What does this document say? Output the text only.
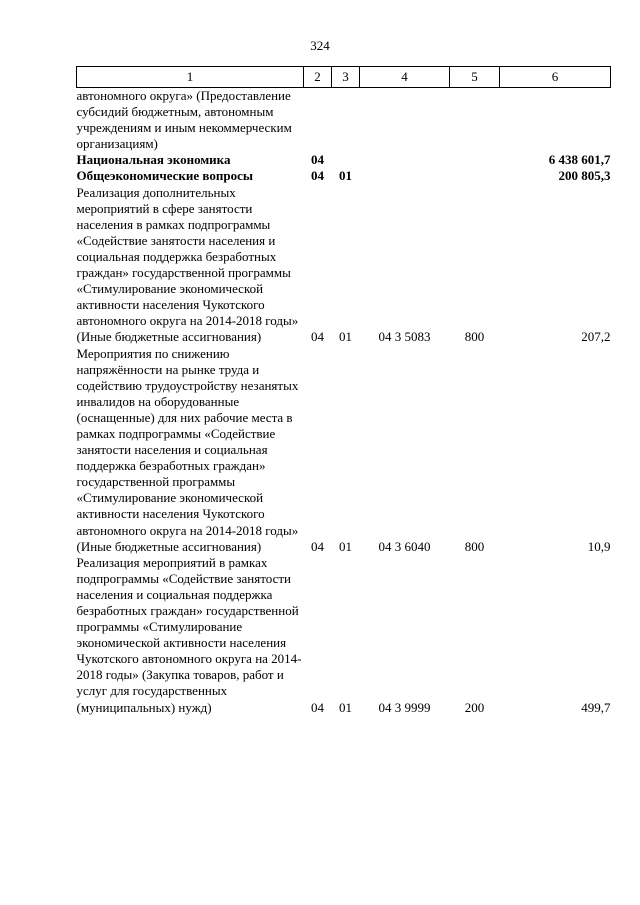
324
1	2	3	4	5	6
автономного округа» (Предоставление субсидий бюджетным, автономным учреждениям и иным некоммерческим организациям)					
Национальная экономика	04				6 438 601,7
Общеэкономические вопросы	04	01			200 805,3
Реализация дополнительных мероприятий в сфере занятости населения в рамках подпрограммы «Содействие занятости населения и социальная поддержка безработных граждан» государственной программы «Стимулирование экономической активности населения Чукотского автономного округа на 2014-2018 годы» (Иные бюджетные ассигнования)	04	01	04 3 5083	800	207,2
Мероприятия по снижению напряжённости на рынке труда и содействию трудоустройству незанятых инвалидов на оборудованные (оснащенные) для них рабочие места в рамках подпрограммы «Содействие занятости населения и социальная поддержка безработных граждан» государственной программы «Стимулирование экономической активности населения Чукотского автономного округа на 2014-2018 годы» (Иные бюджетные ассигнования)	04	01	04 3 6040	800	10,9
Реализация мероприятий в рамках подпрограммы «Содействие занятости населения и социальная поддержка безработных граждан» государственной программы «Стимулирование экономической активности населения Чукотского автономного округа на 2014-2018 годы» (Закупка товаров, работ и услуг для государственных (муниципальных) нужд)	04	01	04 3 9999	200	499,7
